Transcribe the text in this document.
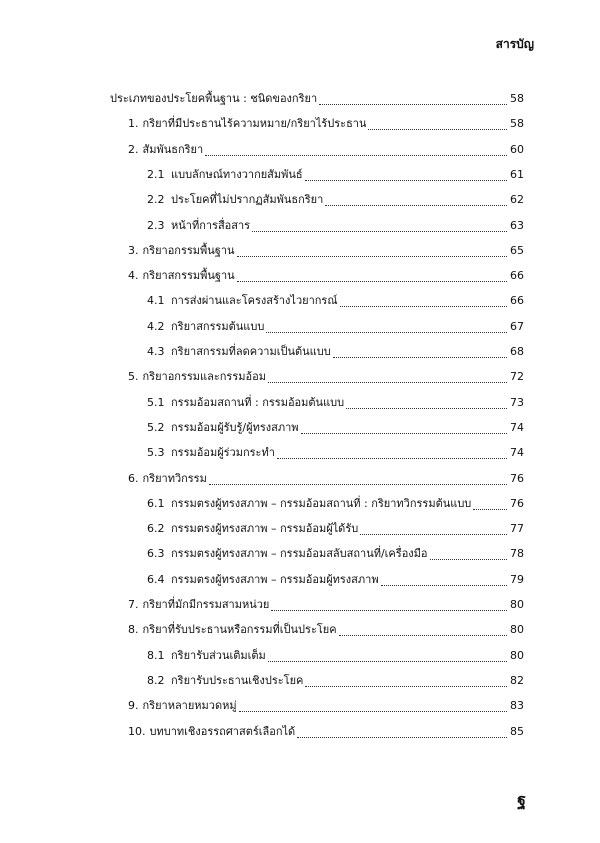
สารบัญ
ประเภทของประโยคพื้นฐาน : ชนิดของกริยา	58
1. กริยาที่มีประธานไร้ความหมาย/กริยาไร้ประธาน	58
2. สัมพันธกริยา	60
2.1 แบบลักษณ์ทางวากยสัมพันธ์	61
2.2 ประโยคที่ไม่ปรากฏสัมพันธกริยา	62
2.3 หน้าที่การสื่อสาร	63
3. กริยาอกรรมพื้นฐาน	65
4. กริยาสกรรมพื้นฐาน	66
4.1 การส่งผ่านและโครงสร้างไวยากรณ์	66
4.2 กริยาสกรรมต้นแบบ	67
4.3 กริยาสกรรมที่ลดความเป็นต้นแบบ	68
5. กริยาอกรรมและกรรมอ้อม	72
5.1 กรรมอ้อมสถานที่ : กรรมอ้อมต้นแบบ	73
5.2 กรรมอ้อมผู้รับรู้/ผู้ทรงสภาพ	74
5.3 กรรมอ้อมผู้ร่วมกระทำ	74
6. กริยาทวิกรรม	76
6.1 กรรมตรงผู้ทรงสภาพ – กรรมอ้อมสถานที่ : กริยาทวิกรรมต้นแบบ	76
6.2 กรรมตรงผู้ทรงสภาพ – กรรมอ้อมผู้ได้รับ	77
6.3 กรรมตรงผู้ทรงสภาพ – กรรมอ้อมสลับสถานที่/เครื่องมือ	78
6.4 กรรมตรงผู้ทรงสภาพ – กรรมอ้อมผู้ทรงสภาพ	79
7. กริยาที่มักมีกรรมสามหน่วย	80
8. กริยาที่รับประธานหรือกรรมที่เป็นประโยค	80
8.1 กริยารับส่วนเติมเต็ม	80
8.2 กริยารับประธานเชิงประโยค	82
9. กริยาหลายหมวดหมู่	83
10. บทบาทเชิงอรรถศาสตร์เลือกได้	85
ฐ
